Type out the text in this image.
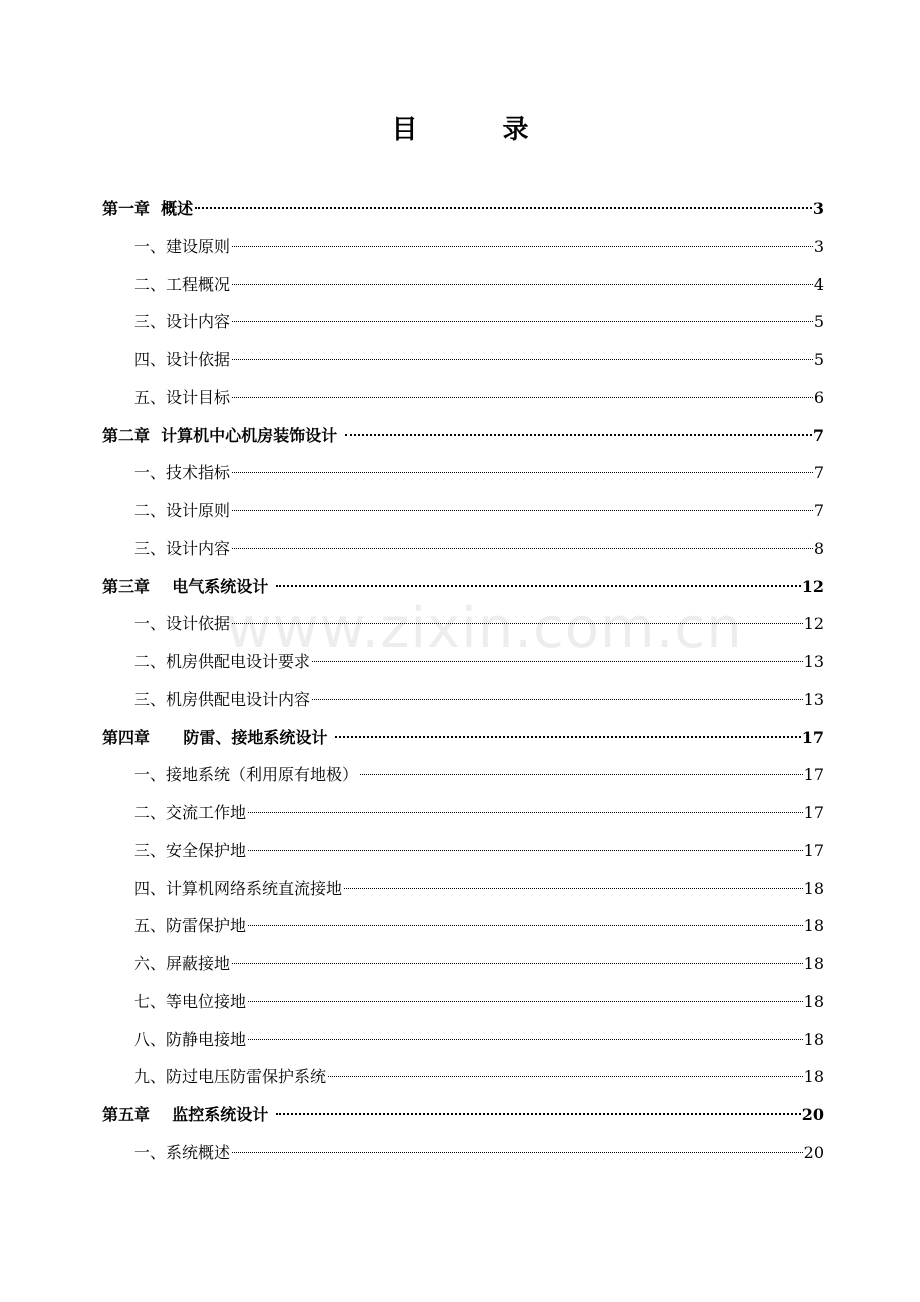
目 录
第一章  概述	3
一、建设原则	3
二、工程概况	4
三、设计内容	5
四、设计依据	5
五、设计目标	6
第二章  计算机中心机房装饰设计	7
一、技术指标	7
二、设计原则	7
三、设计内容	8
第三章    电气系统设计	12
一、设计依据	12
二、机房供配电设计要求	13
三、机房供配电设计内容	13
第四章      防雷、接地系统设计	17
一、接地系统（利用原有地极）	17
二、交流工作地	17
三、安全保护地	17
四、计算机网络系统直流接地	18
五、防雷保护地	18
六、屏蔽接地	18
七、等电位接地	18
八、防静电接地	18
九、防过电压防雷保护系统	18
第五章    监控系统设计	20
一、系统概述	20
www.zixin.com.cn
